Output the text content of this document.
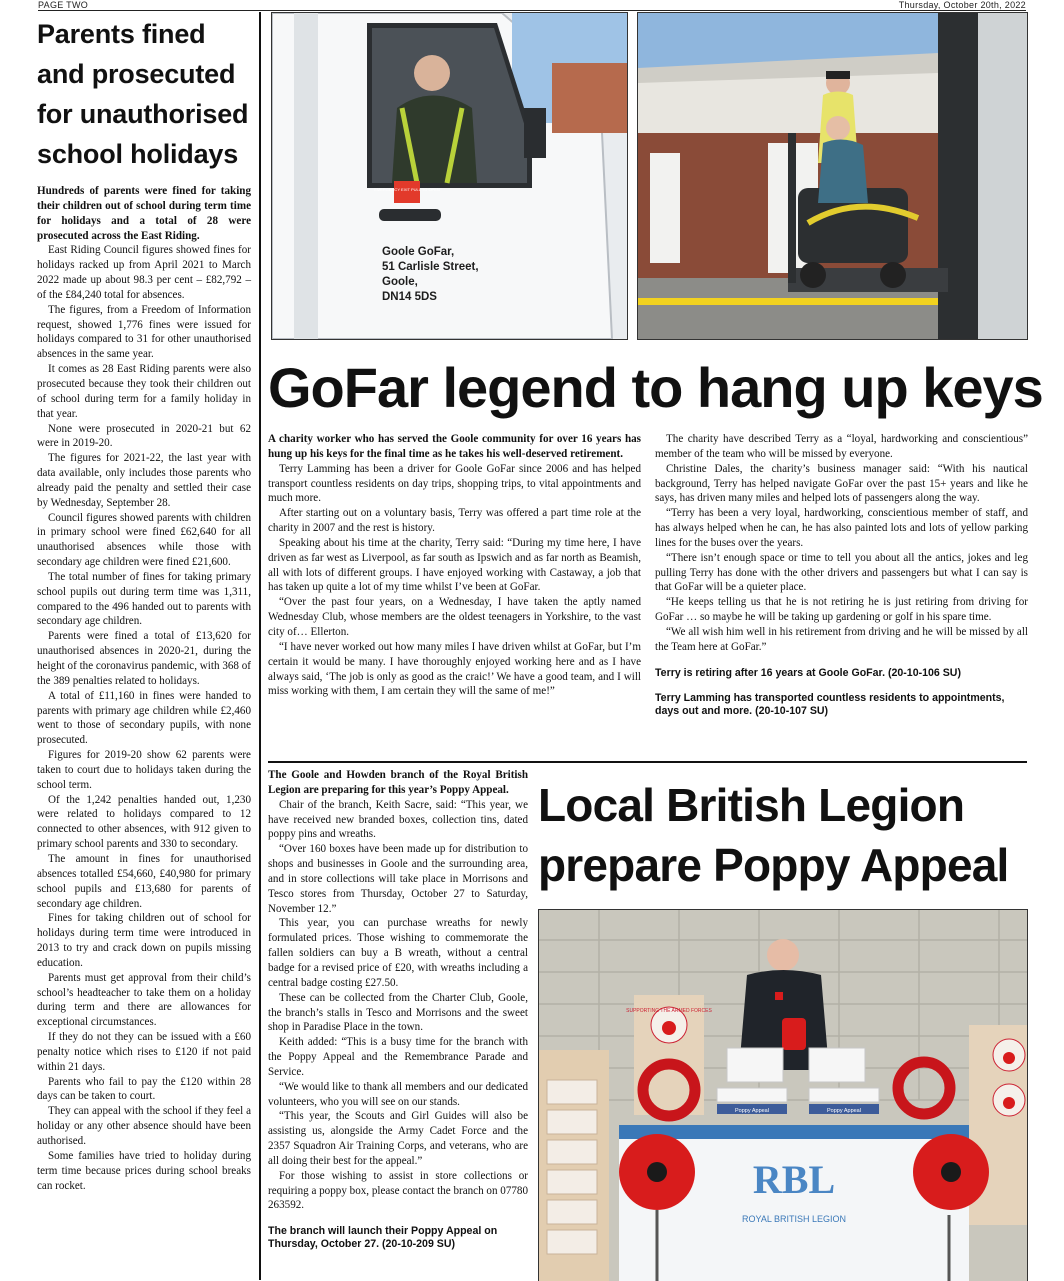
PAGE TWO	Thursday, October 20th, 2022
Parents fined
and prosecuted
for unauthorised
school holidays

Hundreds of parents were fined for taking their children out of school during term time for holidays and a total of 28 were prosecuted across the East Riding.

East Riding Council figures showed fines for holidays racked up from April 2021 to March 2022 made up about 98.3 per cent – £82,792 – of the £84,240 total for absences.

The figures, from a Freedom of Information request, showed 1,776 fines were issued for holidays compared to 31 for other unauthorised absences in the same year.

It comes as 28 East Riding parents were also prosecuted because they took their children out of school during term for a family holiday in that year.

None were prosecuted in 2020-21 but 62 were in 2019-20.

The figures for 2021-22, the last year with data available, only includes those parents who already paid the penalty and settled their case by Wednesday, September 28.

Council figures showed parents with children in primary school were fined £62,640 for all unauthorised absences while those with secondary age children were fined £21,600.

The total number of fines for taking primary school pupils out during term time was 1,311, compared to the 496 handed out to parents with secondary age children.

Parents were fined a total of £13,620 for unauthorised absences in 2020-21, during the height of the coronavirus pandemic, with 368 of the 389 penalties related to holidays.

A total of £11,160 in fines were handed to parents with primary age children while £2,460 went to those of secondary pupils, with none prosecuted.

Figures for 2019-20 show 62 parents were taken to court due to holidays taken during the school term.

Of the 1,242 penalties handed out, 1,230 were related to holidays compared to 12 connected to other absences, with 912 given to primary school parents and 330 to secondary.

The amount in fines for unauthorised absences totalled £54,660, £40,980 for primary school pupils and £13,680 for parents of secondary age children.

Fines for taking children out of school for holidays during term time were introduced in 2013 to try and crack down on pupils missing education.

Parents must get approval from their child’s school’s headteacher to take them on a holiday during term and there are allowances for exceptional circumstances.

If they do not they can be issued with a £60 penalty notice which rises to £120 if not paid within 21 days.

Parents who fail to pay the £120 within 28 days can be taken to court.

They can appeal with the school if they feel a holiday or any other absence should have been authorised.

Some families have tried to holiday during term time because prices during school breaks can rocket.

EMERGENCY EXIT PULL TO OPEN
Goole GoFar,
51 Carlisle Street,
Goole,
DN14 5DS
GoFar legend to hang up keys

A charity worker who has served the Goole community for over 16 years has hung up his keys for the final time as he takes his well-deserved retirement.

Terry Lamming has been a driver for Goole GoFar since 2006 and has helped transport countless residents on day trips, shopping trips, to vital appointments and much more.

After starting out on a voluntary basis, Terry was offered a part time role at the charity in 2007 and the rest is history.

Speaking about his time at the charity, Terry said: “During my time here, I have driven as far west as Liverpool, as far south as Ipswich and as far north as Beamish, all with lots of different groups. I have enjoyed working with Castaway, a job that has taken up quite a lot of my time whilst I’ve been at GoFar.

“Over the past four years, on a Wednesday, I have taken the aptly named Wednesday Club, whose members are the oldest teenagers in Yorkshire, to the vast city of… Ellerton.

“I have never worked out how many miles I have driven whilst at GoFar, but I’m certain it would be many. I have thoroughly enjoyed working here and as I have always said, ‘The job is only as good as the craic!’ We have a good team, and I will miss working with them, I am certain they will the same of me!”

The charity have described Terry as a “loyal, hardworking and conscientious” member of the team who will be missed by everyone.

Christine Dales, the charity’s business manager said: “With his nautical background, Terry has helped navigate GoFar over the past 15+ years and like he says, has driven many miles and helped lots of passengers along the way.

“Terry has been a very loyal, hardworking, conscientious member of staff, and has always helped when he can, he has also painted lots and lots of yellow parking lines for the buses over the years.

“There isn’t enough space or time to tell you about all the antics, jokes and leg pulling Terry has done with the other drivers and passengers but what I can say is that GoFar will be a quieter place.

“He keeps telling us that he is not retiring he is just retiring from driving for GoFar … so maybe he will be taking up gardening or golf in his spare time.

“We all wish him well in his retirement from driving and he will be missed by all the Team here at GoFar.”

Terry is retiring after 16 years at Goole GoFar. (20-10-106 SU)

Terry Lamming has transported countless residents to appointments, days out and more. (20-10-107 SU)

The Goole and Howden branch of the Royal British Legion are preparing for this year’s Poppy Appeal.

Chair of the branch, Keith Sacre, said: “This year, we have received new branded boxes, collection tins, dated poppy pins and wreaths.

“Over 160 boxes have been made up for distribution to shops and businesses in Goole and the surrounding area, and in store collections will take place in Morrisons and Tesco stores from Thursday, October 27 to Saturday, November 12.”

This year, you can purchase wreaths for newly formulated prices. Those wishing to commemorate the fallen soldiers can buy a B wreath, without a central badge for a revised price of £20, with wreaths including a central badge costing £27.50.

These can be collected from the Charter Club, Goole, the branch’s stalls in Tesco and Morrisons and the sweet shop in Paradise Place in the town.

Keith added: “This is a busy time for the branch with the Poppy Appeal and the Remembrance Parade and Service.

“We would like to thank all members and our dedicated volunteers, who you will see on our stands.

“This year, the Scouts and Girl Guides will also be assisting us, alongside the Army Cadet Force and the 2357 Squadron Air Training Corps, and veterans, who are all doing their best for the appeal.”

For those wishing to assist in store collections or requiring a poppy box, please contact the branch on 07780 263592.

The branch will launch their Poppy Appeal on Thursday, October 27. (20-10-209 SU)

Local British Legion
prepare Poppy Appeal
SUPPORTING THE ARMED FORCES
Poppy Appeal	Poppy Appeal
RBL
ROYAL BRITISH LEGION
